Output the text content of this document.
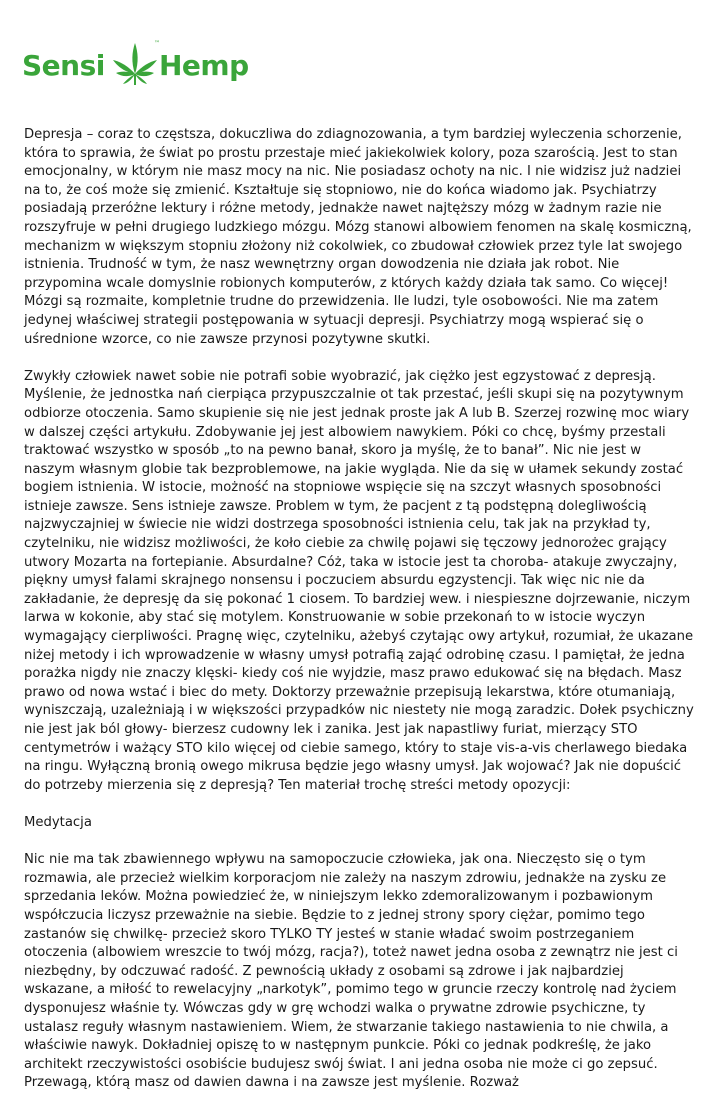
Sensi
™
Hemp

Depresja – coraz to częstsza, dokuczliwa do zdiagnozowania, a tym bardziej wyleczenia schorzenie, która to sprawia, że świat po prostu przestaje mieć jakiekolwiek kolory, poza szarością. Jest to stan emocjonalny, w którym nie masz mocy na nic. Nie posiadasz ochoty na nic. I nie widzisz już nadziei na to, że coś może się zmienić. Kształtuje się stopniowo, nie do końca wiadomo jak. Psychiatrzy posiadają przeróżne lektury i różne metody, jednakże nawet najtęższy mózg w żadnym razie nie rozszyfruje w pełni drugiego ludzkiego mózgu. Mózg stanowi albowiem fenomen na skalę kosmiczną, mechanizm w większym stopniu złożony niż cokolwiek, co zbudował człowiek przez tyle lat swojego istnienia. Trudność w tym, że nasz wewnętrzny organ dowodzenia nie działa jak robot. Nie przypomina wcale domyslnie robionych komputerów, z których każdy działa tak samo. Co więcej! Mózgi są rozmaite, kompletnie trudne do przewidzenia. Ile ludzi, tyle osobowości. Nie ma zatem jedynej właściwej strategii postępowania w sytuacji depresji. Psychiatrzy mogą wspierać się o uśrednione wzorce, co nie zawsze przynosi pozytywne skutki.

Zwykły człowiek nawet sobie nie potrafi sobie wyobrazić, jak ciężko jest egzystować z depresją. Myślenie, że jednostka nań cierpiąca przypuszczalnie ot tak przestać, jeśli skupi się na pozytywnym odbiorze otoczenia. Samo skupienie się nie jest jednak proste jak A lub B. Szerzej rozwinę moc wiary w dalszej części artykułu. Zdobywanie jej jest albowiem nawykiem. Póki co chcę, byśmy przestali traktować wszystko w sposób „to na pewno banał, skoro ja myślę, że to banał”. Nic nie jest w naszym własnym globie tak bezproblemowe, na jakie wygląda. Nie da się w ułamek sekundy zostać bogiem istnienia. W istocie, możność na stopniowe wspięcie się na szczyt własnych sposobności istnieje zawsze. Sens istnieje zawsze. Problem w tym, że pacjent z tą podstępną dolegliwością najzwyczajniej w świecie nie widzi dostrzega sposobności istnienia celu, tak jak na przykład ty, czytelniku, nie widzisz możliwości, że koło ciebie za chwilę pojawi się tęczowy jednorożec grający utwory Mozarta na fortepianie. Absurdalne? Cóż, taka w istocie jest ta choroba- atakuje zwyczajny, piękny umysł falami skrajnego nonsensu i poczuciem absurdu egzystencji. Tak więc nic nie da zakładanie, że depresję da się pokonać 1 ciosem. To bardziej wew. i niespieszne dojrzewanie, niczym larwa w kokonie, aby stać się motylem. Konstruowanie w sobie przekonań to w istocie wyczyn wymagający cierpliwości. Pragnę więc, czytelniku, ażebyś czytając owy artykuł, rozumiał, że ukazane niżej metody i ich wprowadzenie w własny umysł potrafią zająć odrobinę czasu. I pamiętał, że jedna porażka nigdy nie znaczy klęski- kiedy coś nie wyjdzie, masz prawo edukować się na błędach. Masz prawo od nowa wstać i biec do mety. Doktorzy przeważnie przepisują lekarstwa, które otumaniają, wyniszczają, uzależniają i w większości przypadków nic niestety nie mogą zaradzic. Dołek psychiczny nie jest jak ból głowy- bierzesz cudowny lek i zanika. Jest jak napastliwy furiat, mierzący STO centymetrów i ważący STO kilo więcej od ciebie samego, który to staje vis-a-vis cherlawego biedaka na ringu. Wyłączną bronią owego mikrusa będzie jego własny umysł. Jak wojować? Jak nie dopuścić do potrzeby mierzenia się z depresją? Ten materiał trochę streści metody opozycji:

Medytacja

Nic nie ma tak zbawiennego wpływu na samopoczucie człowieka, jak ona. Nieczęsto się o tym rozmawia, ale przecież wielkim korporacjom nie zależy na naszym zdrowiu, jednakże na zysku ze sprzedania leków. Można powiedzieć że, w niniejszym lekko zdemoralizowanym i pozbawionym współczucia liczysz przeważnie na siebie. Będzie to z jednej strony spory ciężar, pomimo tego zastanów się chwilkę- przecież skoro TYLKO TY jesteś w stanie władać swoim postrzeganiem otoczenia (albowiem wreszcie to twój mózg, racja?), toteż nawet jedna osoba z zewnątrz nie jest ci niezbędny, by odczuwać radość. Z pewnością układy z osobami są zdrowe i jak najbardziej wskazane, a miłość to rewelacyjny „narkotyk”, pomimo tego w gruncie rzeczy kontrolę nad życiem dysponujesz właśnie ty. Wówczas gdy w grę wchodzi walka o prywatne zdrowie psychiczne, ty ustalasz reguły własnym nastawieniem. Wiem, że stwarzanie takiego nastawienia to nie chwila, a właściwie nawyk. Dokładniej opiszę to w następnym punkcie. Póki co jednak podkreślę, że jako architekt rzeczywistości osobiście budujesz swój świat. I ani jedna osoba nie może ci go zepsuć. Przewagą, którą masz od dawien dawna i na zawsze jest myślenie. Rozważ
